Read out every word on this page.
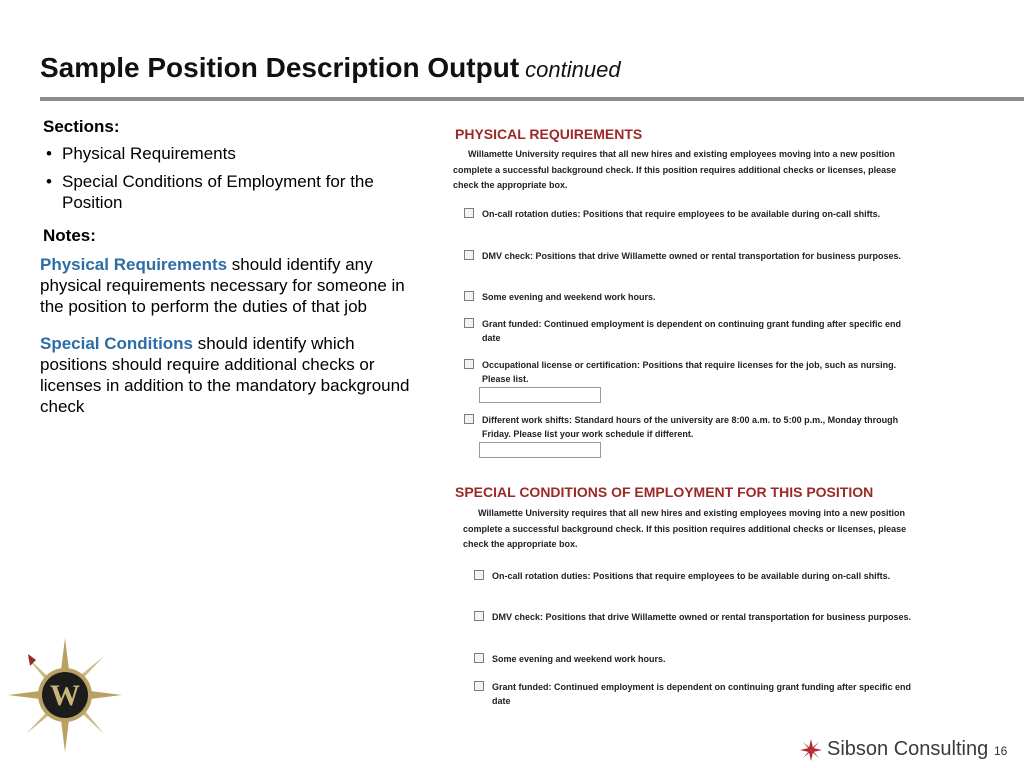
Sample Position Description Output continued
Sections:
• Physical Requirements
• Special Conditions of Employment for the Position
Notes:

Physical Requirements should identify any physical requirements necessary for someone in the position to perform the duties of that job

Special Conditions should identify which positions should require additional checks or licenses in addition to the mandatory background check

PHYSICAL REQUIREMENTS
Willamette University requires that all new hires and existing employees moving into a new position complete a successful background check. If this position requires additional checks or licenses, please check the appropriate box.
On-call rotation duties: Positions that require employees to be available during on-call shifts.
DMV check: Positions that drive Willamette owned or rental transportation for business purposes.
Some evening and weekend work hours.
Grant funded: Continued employment is dependent on continuing grant funding after specific end date
Occupational license or certification: Positions that require licenses for the job, such as nursing. Please list.
Different work shifts: Standard hours of the university are 8:00 a.m. to 5:00 p.m., Monday through Friday. Please list your work schedule if different.
SPECIAL CONDITIONS OF EMPLOYMENT FOR THIS POSITION
Willamette University requires that all new hires and existing employees moving into a new position complete a successful background check. If this position requires additional checks or licenses, please check the appropriate box.
On-call rotation duties: Positions that require employees to be available during on-call shifts.
DMV check: Positions that drive Willamette owned or rental transportation for business purposes.
Some evening and weekend work hours.
Grant funded: Continued employment is dependent on continuing grant funding after specific end date
W
Sibson Consulting 16
